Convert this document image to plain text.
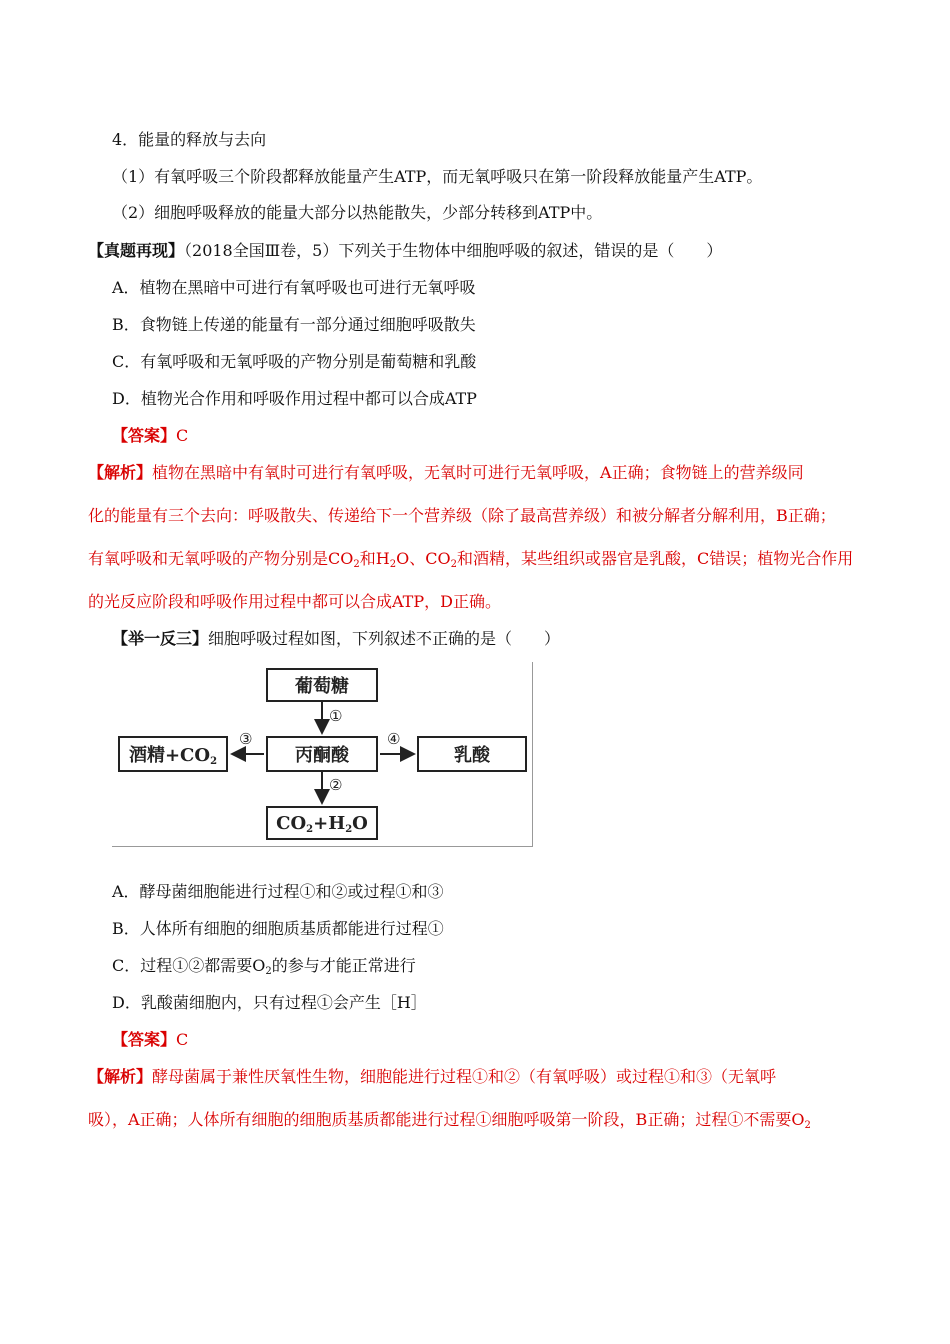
4．能量的释放与去向
（1）有氧呼吸三个阶段都释放能量产生ATP，而无氧呼吸只在第一阶段释放能量产生ATP。
（2）细胞呼吸释放的能量大部分以热能散失，少部分转移到ATP中。
【真题再现】（2018全国Ⅲ卷，5）下列关于生物体中细胞呼吸的叙述，错误的是（　　）
A．植物在黑暗中可进行有氧呼吸也可进行无氧呼吸
B．食物链上传递的能量有一部分通过细胞呼吸散失
C．有氧呼吸和无氧呼吸的产物分别是葡萄糖和乳酸
D．植物光合作用和呼吸作用过程中都可以合成ATP
【答案】C
【解析】植物在黑暗中有氧时可进行有氧呼吸，无氧时可进行无氧呼吸，A正确；食物链上的营养级同
化的能量有三个去向：呼吸散失、传递给下一个营养级（除了最高营养级）和被分解者分解利用，B正确；
有氧呼吸和无氧呼吸的产物分别是$CO_2$和$H_2O$、$CO_2$和酒精，某些组织或器官是乳酸，C错误；植物光合作用
的光反应阶段和呼吸作用过程中都可以合成ATP，D正确。
【举一反三】细胞呼吸过程如图，下列叙述不正确的是（　　）
葡萄糖
丙酮酸
酒精$+CO_2$	乳酸
$CO_2+H_2O$
①
②
③	④
A．酵母菌细胞能进行过程①和②或过程①和③
B．人体所有细胞的细胞质基质都能进行过程①
C．过程①②都需要$O_2$的参与才能正常进行
D．乳酸菌细胞内，只有过程①会产生［H］
【答案】C
【解析】酵母菌属于兼性厌氧性生物，细胞能进行过程①和②（有氧呼吸）或过程①和③（无氧呼
吸），A正确；人体所有细胞的细胞质基质都能进行过程①细胞呼吸第一阶段，B正确；过程①不需要$O_2$
